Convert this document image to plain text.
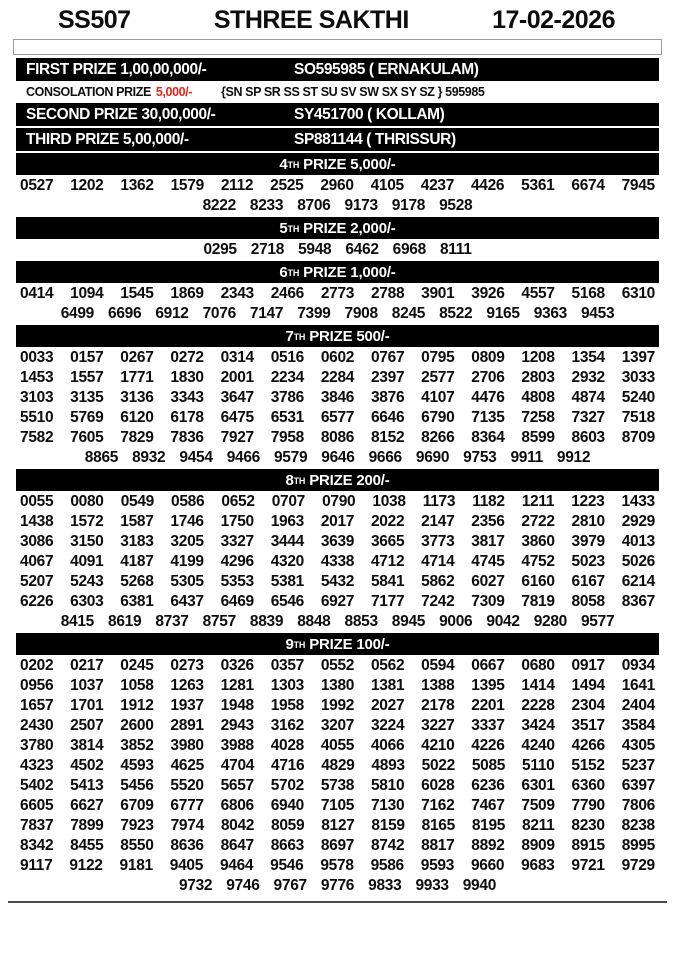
SS507	STHREE SAKTHI	17-02-2026
FIRST PRIZE 1,00,00,000/-	SO595985 ( ERNAKULAM)
CONSOLATION PRIZE 5,000/- {SN SP SR SS ST SU SV SW SX SY SZ } 595985
SECOND PRIZE 30,00,000/-	SY451700 ( KOLLAM)
THIRD PRIZE 5,00,000/-	SP881144 ( THRISSUR)
4 TH PRIZE 5,000/-
0527 1202 1362 1579 2112 2525 2960 4105 4237 4426 5361 6674 7945
8222 8233 8706 9173 9178 9528
5 TH PRIZE 2,000/-
0295 2718 5948 6462 6968 8111
6 TH PRIZE 1,000/-
0414 1094 1545 1869 2343 2466 2773 2788 3901 3926 4557 5168 6310
6499 6696 6912 7076 7147 7399 7908 8245 8522 9165 9363 9453
7 TH PRIZE 500/-
0033 0157 0267 0272 0314 0516 0602 0767 0795 0809 1208 1354 1397
1453 1557 1771 1830 2001 2234 2284 2397 2577 2706 2803 2932 3033
3103 3135 3136 3343 3647 3786 3846 3876 4107 4476 4808 4874 5240
5510 5769 6120 6178 6475 6531 6577 6646 6790 7135 7258 7327 7518
7582 7605 7829 7836 7927 7958 8086 8152 8266 8364 8599 8603 8709
8865 8932 9454 9466 9579 9646 9666 9690 9753 9911 9912
8 TH PRIZE 200/-
0055 0080 0549 0586 0652 0707 0790 1038 1173 1182 1211 1223 1433
1438 1572 1587 1746 1750 1963 2017 2022 2147 2356 2722 2810 2929
3086 3150 3183 3205 3327 3444 3639 3665 3773 3817 3860 3979 4013
4067 4091 4187 4199 4296 4320 4338 4712 4714 4745 4752 5023 5026
5207 5243 5268 5305 5353 5381 5432 5841 5862 6027 6160 6167 6214
6226 6303 6381 6437 6469 6546 6927 7177 7242 7309 7819 8058 8367
8415 8619 8737 8757 8839 8848 8853 8945 9006 9042 9280 9577
9 TH PRIZE 100/-
0202 0217 0245 0273 0326 0357 0552 0562 0594 0667 0680 0917 0934
0956 1037 1058 1263 1281 1303 1380 1381 1388 1395 1414 1494 1641
1657 1701 1912 1937 1948 1958 1992 2027 2178 2201 2228 2304 2404
2430 2507 2600 2891 2943 3162 3207 3224 3227 3337 3424 3517 3584
3780 3814 3852 3980 3988 4028 4055 4066 4210 4226 4240 4266 4305
4323 4502 4593 4625 4704 4716 4829 4893 5022 5085 5110 5152 5237
5402 5413 5456 5520 5657 5702 5738 5810 6028 6236 6301 6360 6397
6605 6627 6709 6777 6806 6940 7105 7130 7162 7467 7509 7790 7806
7837 7899 7923 7974 8042 8059 8127 8159 8165 8195 8211 8230 8238
8342 8455 8550 8636 8647 8663 8697 8742 8817 8892 8909 8915 8995
9117 9122 9181 9405 9464 9546 9578 9586 9593 9660 9683 9721 9729
9732 9746 9767 9776 9833 9933 9940
